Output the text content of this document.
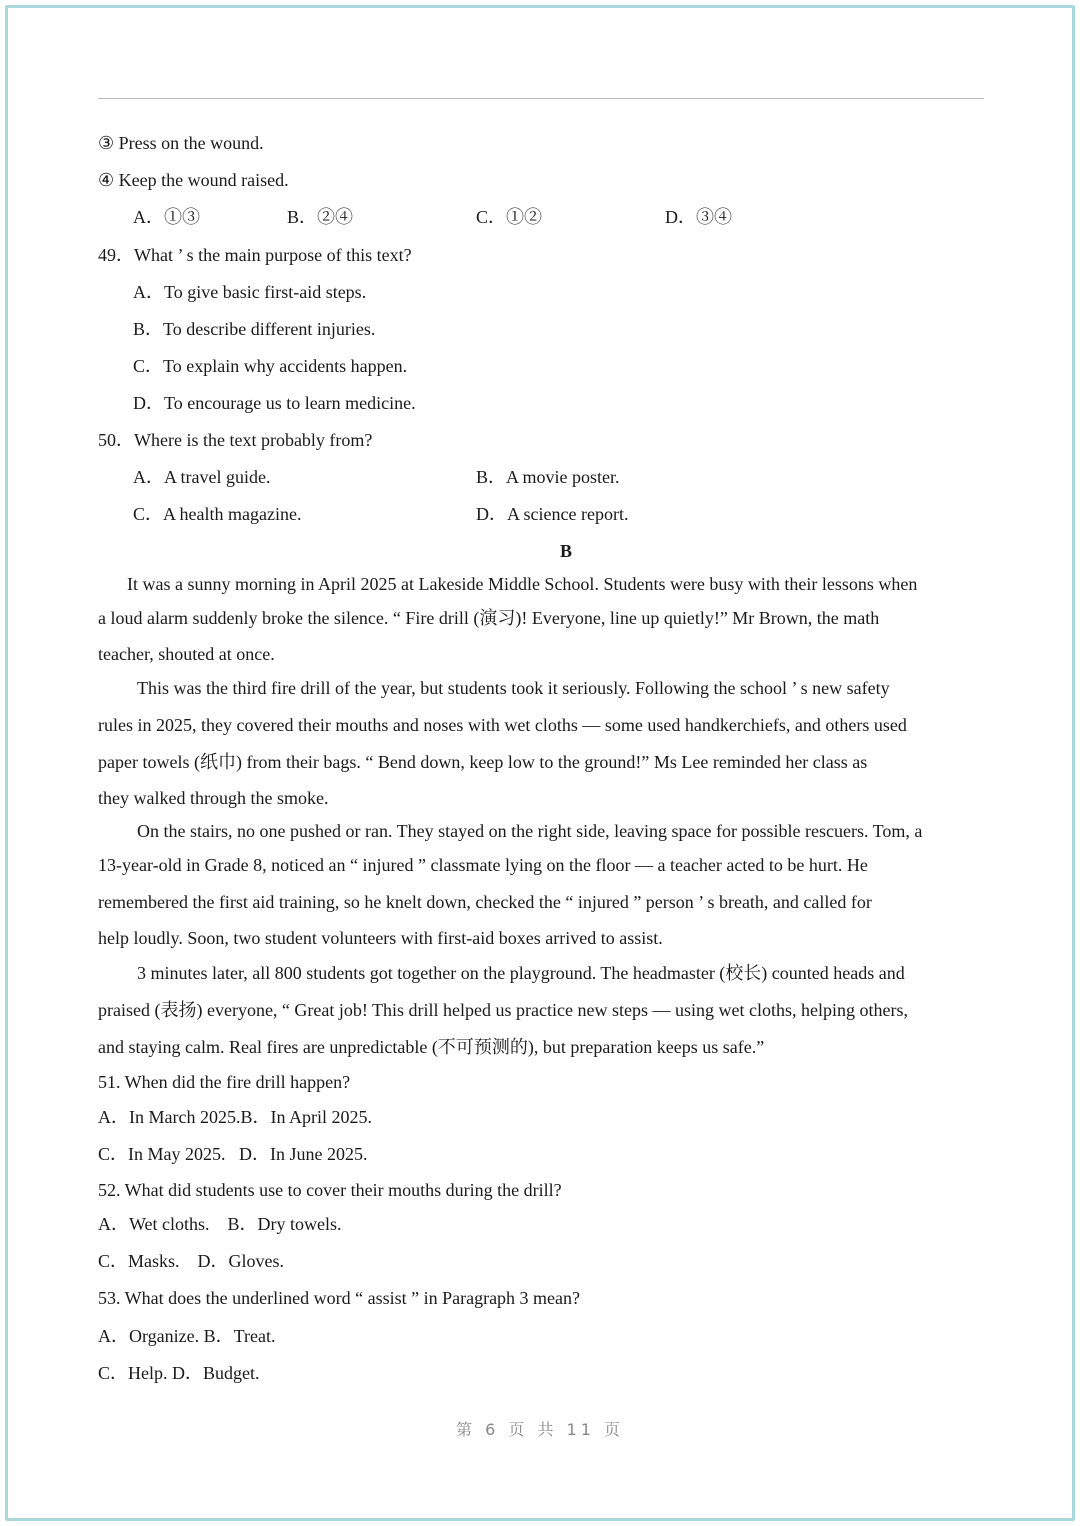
③ Press on the wound.
④ Keep the wound raised.
A．①③	B．②④	C．①②	D．③④
49．What ’ s the main purpose of this text?
A．To give basic first-aid steps.
B．To describe different injuries.
C．To explain why accidents happen.
D．To encourage us to learn medicine.
50．Where is the text probably from?
A．A travel guide.	B．A movie poster.
C．A health magazine.	D．A science report.
B
It was a sunny morning in April 2025 at Lakeside Middle School. Students were busy with their lessons when
a loud alarm suddenly broke the silence. “ Fire drill (演习)! Everyone, line up quietly!” Mr Brown, the math
teacher, shouted at once.
This was the third fire drill of the year, but students took it seriously. Following the school ’ s new safety
rules in 2025, they covered their mouths and noses with wet cloths — some used handkerchiefs, and others used
paper towels (纸巾) from their bags. “ Bend down, keep low to the ground!” Ms Lee reminded her class as
they walked through the smoke.
On the stairs, no one pushed or ran. They stayed on the right side, leaving space for possible rescuers. Tom, a
13-year-old in Grade 8, noticed an “ injured ” classmate lying on the floor — a teacher acted to be hurt. He
remembered the first aid training, so he knelt down, checked the “ injured ” person ’ s breath, and called for
help loudly. Soon, two student volunteers with first-aid boxes arrived to assist.
3 minutes later, all 800 students got together on the playground. The headmaster (校长) counted heads and
praised (表扬) everyone, “ Great job! This drill helped us practice new steps — using wet cloths, helping others,
and staying calm. Real fires are unpredictable (不可预测的), but preparation keeps us safe.”
51. When did the fire drill happen?
A．In March 2025.B．In April 2025.
C．In May 2025.   D．In June 2025.
52. What did students use to cover their mouths during the drill?
A．Wet cloths.    B．Dry towels.
C．Masks.    D．Gloves.
53. What does the underlined word “ assist ” in Paragraph 3 mean?
A．Organize. B．Treat.
C．Help. D．Budget.
第 6 页 共 11 页
